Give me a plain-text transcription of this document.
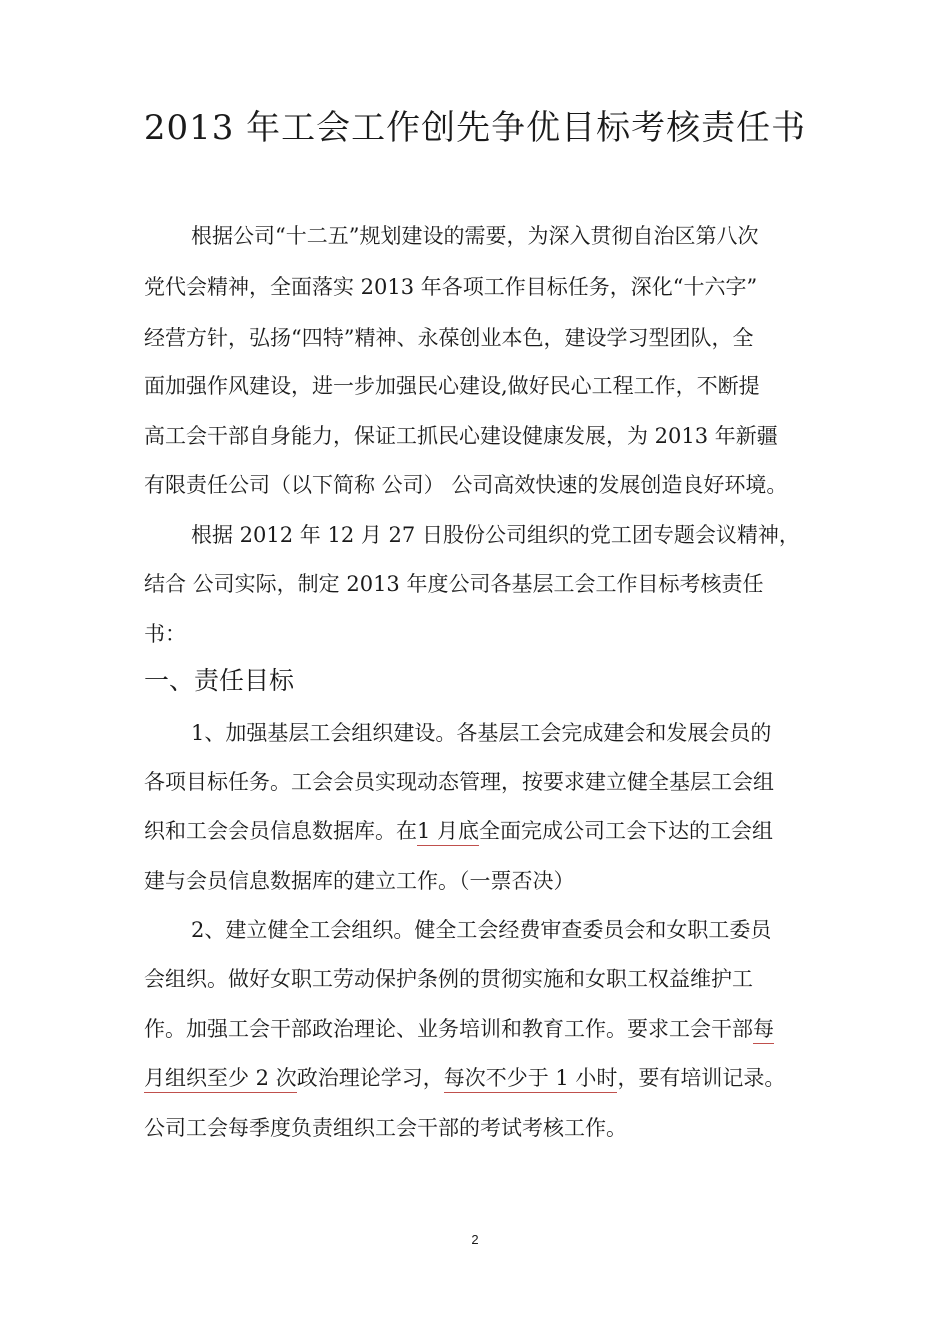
2013 年工会工作创先争优目标考核责任书
根据公司“十二五”规划建设的需要，为深入贯彻自治区第八次
党代会精神，全面落实 2013 年各项工作目标任务，深化“十六字”
经营方针，弘扬“四特”精神、永葆创业本色，建设学习型团队，全
面加强作风建设，进一步加强民心建设,做好民心工程工作，不断提
高工会干部自身能力，保证工抓民心建设健康发展，为 2013 年新疆
有限责任公司（以下简称 公司） 公司高效快速的发展创造良好环境。
根据 2012 年 12 月 27 日股份公司组织的党工团专题会议精神，
结合 公司实际，制定 2013 年度公司各基层工会工作目标考核责任
书：
一、责任目标
1、加强基层工会组织建设。各基层工会完成建会和发展会员的
各项目标任务。工会会员实现动态管理，按要求建立健全基层工会组
织和工会会员信息数据库。在1 月底全面完成公司工会下达的工会组
建与会员信息数据库的建立工作。（一票否决）
2、建立健全工会组织。健全工会经费审查委员会和女职工委员
会组织。做好女职工劳动保护条例的贯彻实施和女职工权益维护工
作。加强工会干部政治理论、业务培训和教育工作。要求工会干部每
月组织至少 2 次政治理论学习，每次不少于 1 小时，要有培训记录。
公司工会每季度负责组织工会干部的考试考核工作。
2
